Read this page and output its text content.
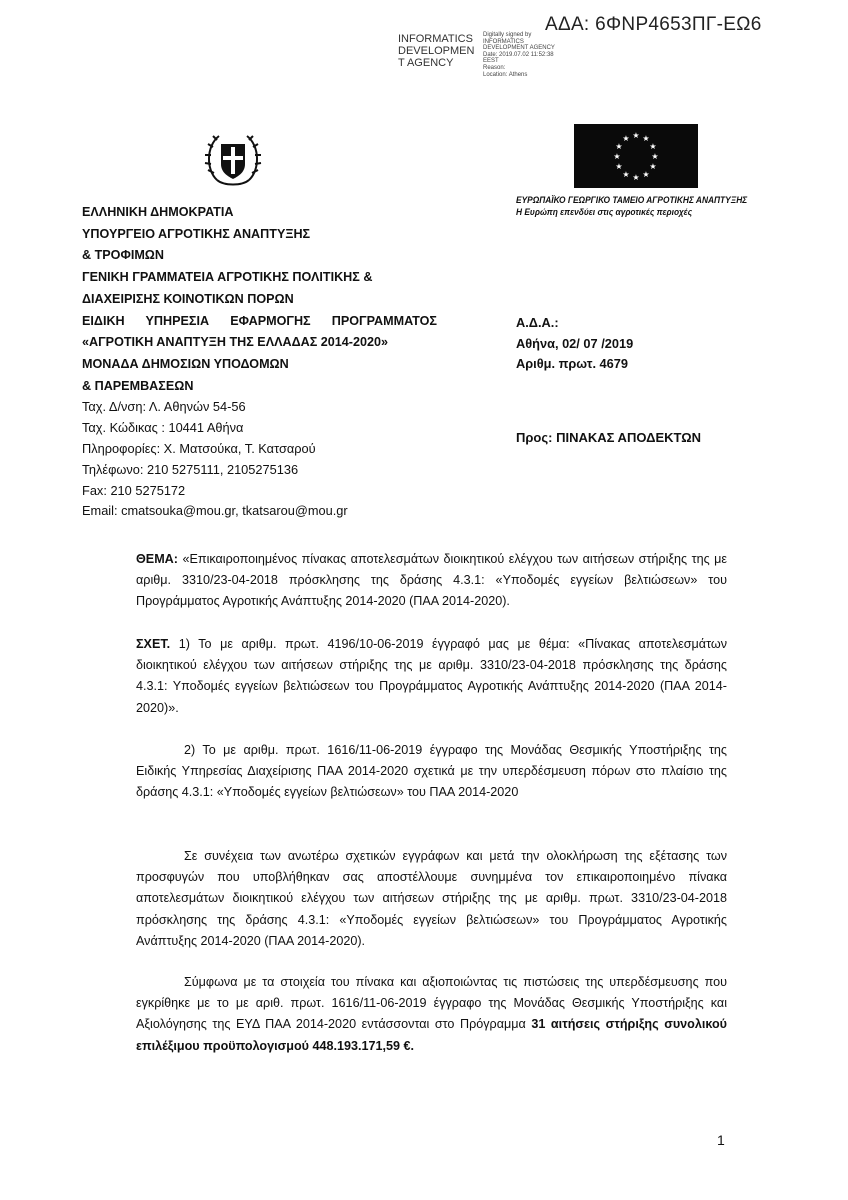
ΑΔΑ: 6ΦΝΡ4653ΠΓ-ΕΩ6
INFORMATICS DEVELOPMEN T AGENCY
Digitally signed by
INFORMATICS
DEVELOPMENT AGENCY
Date: 2019.07.02 11:52:38
EEST
Reason:
Location: Athens
★ ★
★
★
★
★
★
★
★
★
★
★
ΕΥΡΩΠΑΪΚΟ ΓΕΩΡΓΙΚΟ ΤΑΜΕΙΟ ΑΓΡΟΤΙΚΗΣ ΑΝΑΠΤΥΞΗΣ
Η Ευρώπη επενδύει στις αγροτικές περιοχές
ΕΛΛΗΝΙΚΗ ΔΗΜΟΚΡΑΤΙΑ
ΥΠΟΥΡΓΕΙΟ ΑΓΡΟΤΙΚΗΣ ΑΝΑΠΤΥΞΗΣ
& ΤΡΟΦΙΜΩΝ
ΓΕΝΙΚΗ ΓΡΑΜΜΑΤΕΙΑ ΑΓΡΟΤΙΚΗΣ ΠΟΛΙΤΙΚΗΣ &
ΔΙΑΧΕΙΡΙΣΗΣ ΚΟΙΝΟΤΙΚΩΝ ΠΟΡΩΝ
ΕΙΔΙΚΗ ΥΠΗΡΕΣΙΑ ΕΦΑΡΜΟΓΗΣ ΠΡΟΓΡΑΜΜΑΤΟΣ
«ΑΓΡΟΤΙΚΗ ΑΝΑΠΤΥΞΗ ΤΗΣ ΕΛΛΑΔΑΣ 2014-2020»
ΜΟΝΑΔΑ ΔΗΜΟΣΙΩΝ ΥΠΟΔΟΜΩΝ
& ΠΑΡΕΜΒΑΣΕΩΝ
Ταχ. Δ/νση: Λ. Αθηνών 54-56
Ταχ. Κώδικας : 10441 Αθήνα
Πληροφορίες: Χ. Ματσούκα, Τ. Κατσαρού
Τηλέφωνο: 210 5275111, 2105275136
Fax: 210 5275172
Email: cmatsouka@mou.gr, tkatsarou@mou.gr
Α.Δ.Α.:
Αθήνα, 02/ 07 /2019
Αριθμ. πρωτ. 4679
Προς: ΠΙΝΑΚΑΣ ΑΠΟΔΕΚΤΩΝ
ΘΕΜΑ: «Επικαιροποιημένος πίνακας αποτελεσμάτων διοικητικού ελέγχου των αιτήσεων στήριξης της με αριθμ. 3310/23-04-2018 πρόσκλησης της δράσης 4.3.1: «Υποδομές εγγείων βελτιώσεων» του Προγράμματος Αγροτικής Ανάπτυξης 2014-2020 (ΠΑΑ 2014-2020).
ΣΧΕΤ. 1) Το με αριθμ. πρωτ. 4196/10-06-2019 έγγραφό μας με θέμα: «Πίνακας αποτελεσμάτων διοικητικού ελέγχου των αιτήσεων στήριξης της με αριθμ. 3310/23-04-2018 πρόσκλησης της δράσης 4.3.1: Υποδομές εγγείων βελτιώσεων του Προγράμματος Αγροτικής Ανάπτυξης 2014-2020 (ΠΑΑ 2014-2020)».
2) Το με αριθμ. πρωτ. 1616/11-06-2019 έγγραφο της Μονάδας Θεσμικής Υποστήριξης της Ειδικής Υπηρεσίας Διαχείρισης ΠΑΑ 2014-2020 σχετικά με την υπερδέσμευση πόρων στο πλαίσιο της δράσης 4.3.1: «Υποδομές εγγείων βελτιώσεων» του ΠΑΑ 2014-2020
Σε συνέχεια των ανωτέρω σχετικών εγγράφων και μετά την ολοκλήρωση της εξέτασης των προσφυγών που υποβλήθηκαν σας αποστέλλουμε συνημμένα τον επικαιροποιημένο πίνακα αποτελεσμάτων διοικητικού ελέγχου των αιτήσεων στήριξης της με αριθμ. πρωτ. 3310/23-04-2018 πρόσκλησης της δράσης 4.3.1: «Υποδομές εγγείων βελτιώσεων» του Προγράμματος Αγροτικής Ανάπτυξης 2014-2020 (ΠΑΑ 2014-2020).
Σύμφωνα με τα στοιχεία του πίνακα και αξιοποιώντας τις πιστώσεις της υπερδέσμευσης που εγκρίθηκε με το με αριθ. πρωτ. 1616/11-06-2019 έγγραφο της Μονάδας Θεσμικής Υποστήριξης και Αξιολόγησης της ΕΥΔ ΠΑΑ 2014-2020 εντάσσονται στο Πρόγραμμα 31 αιτήσεις στήριξης συνολικού επιλέξιμου προϋπολογισμού 448.193.171,59 €.
1
